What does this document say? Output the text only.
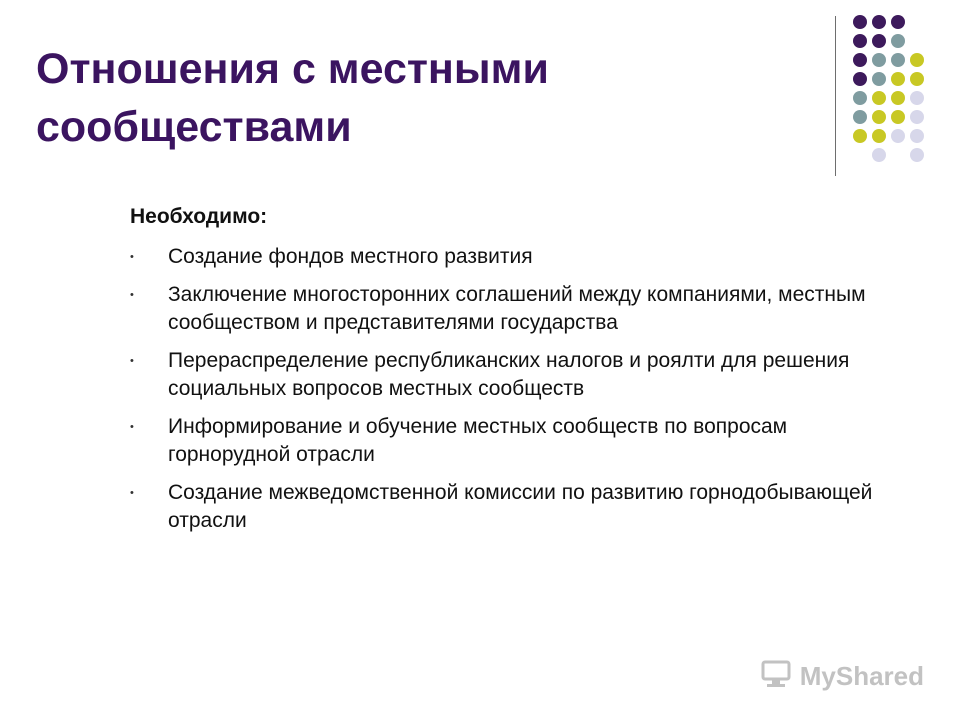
Отношения с местными сообществами
Необходимо:
• Создание фондов местного развития
• Заключение многосторонних соглашений между компаниями, местным сообществом и представителями государства
• Перераспределение республиканских налогов и роялти для решения социальных вопросов местных сообществ
• Информирование и обучение местных сообществ по вопросам горнорудной отрасли
• Создание межведомственной комиссии по развитию горнодобывающей отрасли
MyShared
